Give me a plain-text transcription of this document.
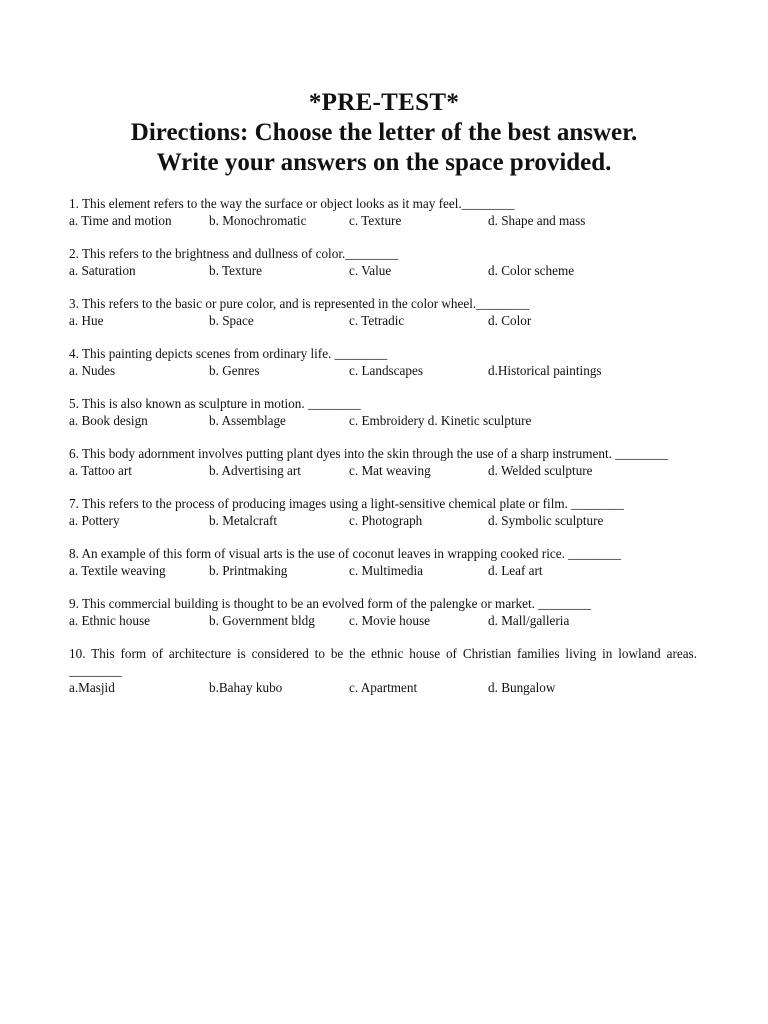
*PRE-TEST*
Directions: Choose the letter of the best answer.
Write your answers on the space provided.
1. This element refers to the way the surface or object looks as it may feel.________
a. Time and motion	b. Monochromatic	c. Texture	d. Shape and mass
2. This refers to the brightness and dullness of color.________
a. Saturation	b. Texture	c. Value	d. Color scheme
3. This refers to the basic or pure color, and is represented in the color wheel.________
a. Hue	b. Space	c. Tetradic	d. Color
4. This painting depicts scenes from ordinary life. ________
a. Nudes	b. Genres	c. Landscapes	d.Historical paintings
5. This is also known as sculpture in motion. ________
a. Book design	b. Assemblage	c. Embroidery d. Kinetic sculpture
6. This body adornment involves putting plant dyes into the skin through the use of a sharp instrument. ________
a. Tattoo art	b. Advertising art	c. Mat weaving	d. Welded sculpture
7. This refers to the process of producing images using a light-sensitive chemical plate or film. ________
a. Pottery	b. Metalcraft	c. Photograph	d. Symbolic sculpture
8. An example of this form of visual arts is the use of coconut leaves in wrapping cooked rice. ________
a. Textile weaving	b. Printmaking	c. Multimedia	d. Leaf art
9. This commercial building is thought to be an evolved form of the palengke or market. ________
a. Ethnic house	b. Government bldg	c. Movie house	d. Mall/galleria
10. This form of architecture is considered to be the ethnic house of Christian families living in lowland areas. ________
a.Masjid	b.Bahay kubo	c. Apartment	d. Bungalow
